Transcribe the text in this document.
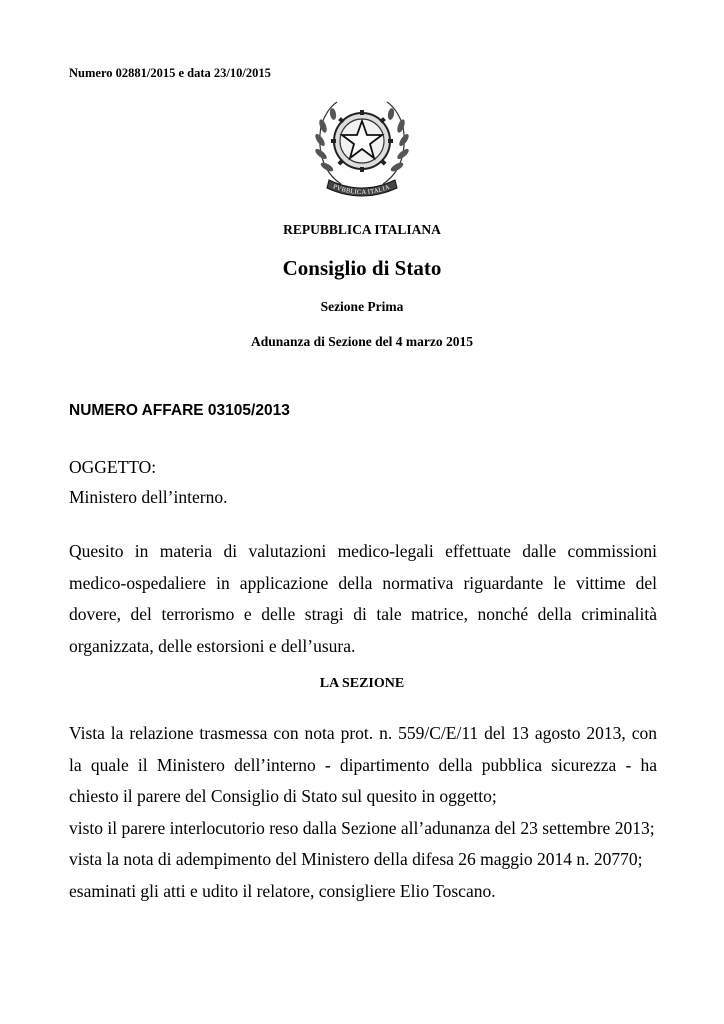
Numero 02881/2015 e data 23/10/2015
PVBBLICA ITALIA
REPUBBLICA ITALIANA
Consiglio di Stato
Sezione Prima
Adunanza di Sezione del 4 marzo 2015
NUMERO AFFARE 03105/2013
OGGETTO:
Ministero dell’interno.
Quesito in materia di valutazioni medico-legali effettuate dalle commissioni
medico-ospedaliere in applicazione della normativa riguardante le vittime del
dovere, del terrorismo e delle stragi di tale matrice, nonché della criminalità
organizzata, delle estorsioni e dell’usura.
LA SEZIONE
Vista la relazione trasmessa con nota prot. n. 559/C/E/11 del 13 agosto 2013, con
la quale il Ministero dell’interno - dipartimento della pubblica sicurezza - ha
chiesto il parere del Consiglio di Stato sul quesito in oggetto;
visto il parere interlocutorio reso dalla Sezione all’adunanza del 23 settembre 2013;
vista la nota di adempimento del Ministero della difesa 26 maggio 2014 n. 20770;
esaminati gli atti e udito il relatore, consigliere Elio Toscano.
